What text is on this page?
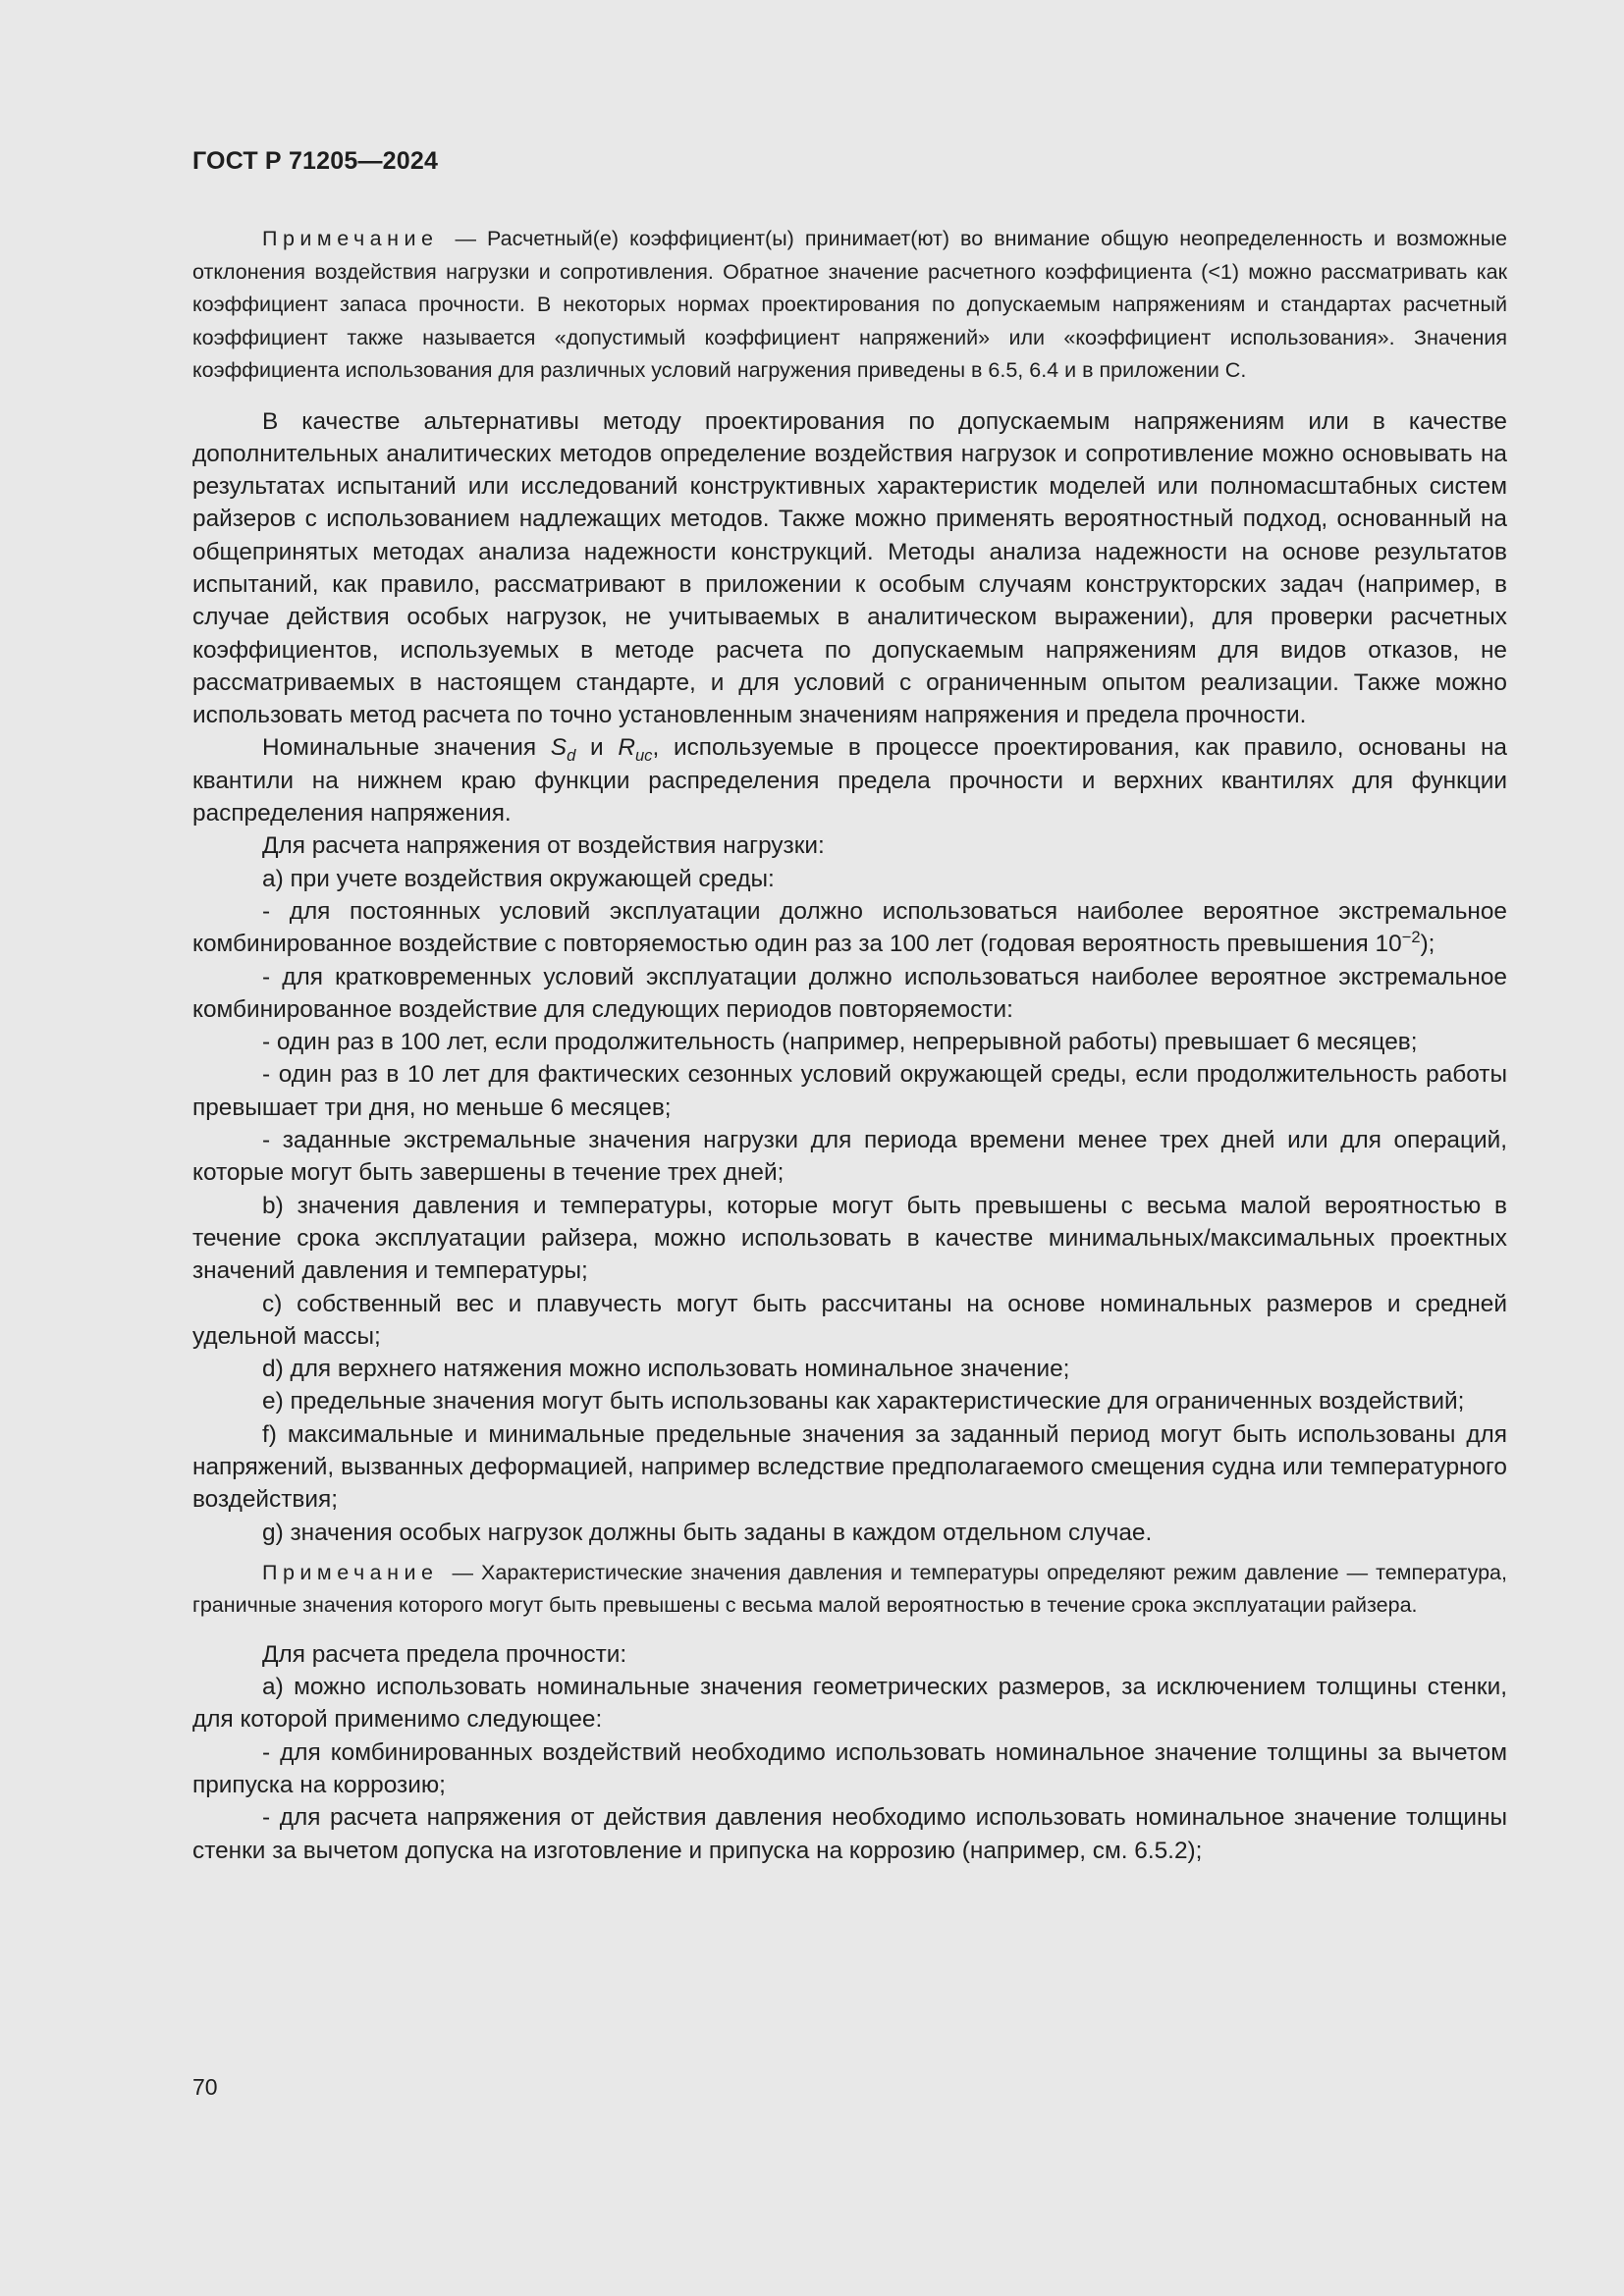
ГОСТ Р 71205—2024

Примечание — Расчетный(е) коэффициент(ы) принимает(ют) во внимание общую неопределенность и возможные отклонения воздействия нагрузки и сопротивления. Обратное значение расчетного коэффициента (<1) можно рассматривать как коэффициент запаса прочности. В некоторых нормах проектирования по допускаемым напряжениям и стандартах расчетный коэффициент также называется «допустимый коэффициент напряжений» или «коэффициент использования». Значения коэффициента использования для различных условий нагружения приведены в 6.5, 6.4 и в приложении C.

В качестве альтернативы методу проектирования по допускаемым напряжениям или в качестве дополнительных аналитических методов определение воздействия нагрузок и сопротивление можно основывать на результатах испытаний или исследований конструктивных характеристик моделей или полномасштабных систем райзеров с использованием надлежащих методов. Также можно применять вероятностный подход, основанный на общепринятых методах анализа надежности конструкций. Методы анализа надежности на основе результатов испытаний, как правило, рассматривают в приложении к особым случаям конструкторских задач (например, в случае действия особых нагрузок, не учитываемых в аналитическом выражении), для проверки расчетных коэффициентов, используемых в методе расчета по допускаемым напряжениям для видов отказов, не рассматриваемых в настоящем стандарте, и для условий с ограниченным опытом реализации. Также можно использовать метод расчета по точно установленным значениям напряжения и предела прочности.

Номинальные значения $S_d$ и $R_{uc}$, используемые в процессе проектирования, как правило, основаны на квантили на нижнем краю функции распределения предела прочности и верхних квантилях для функции распределения напряжения.

Для расчета напряжения от воздействия нагрузки:

а) при учете воздействия окружающей среды:

- для постоянных условий эксплуатации должно использоваться наиболее вероятное экстремальное комбинированное воздействие с повторяемостью один раз за 100 лет (годовая вероятность превышения $10^{-2}$);

- для кратковременных условий эксплуатации должно использоваться наиболее вероятное экстремальное комбинированное воздействие для следующих периодов повторяемости:

- один раз в 100 лет, если продолжительность (например, непрерывной работы) превышает 6 месяцев;

- один раз в 10 лет для фактических сезонных условий окружающей среды, если продолжительность работы превышает три дня, но меньше 6 месяцев;

- заданные экстремальные значения нагрузки для периода времени менее трех дней или для операций, которые могут быть завершены в течение трех дней;

b) значения давления и температуры, которые могут быть превышены с весьма малой вероятностью в течение срока эксплуатации райзера, можно использовать в качестве минимальных/максимальных проектных значений давления и температуры;

c) собственный вес и плавучесть могут быть рассчитаны на основе номинальных размеров и средней удельной массы;

d) для верхнего натяжения можно использовать номинальное значение;

e) предельные значения могут быть использованы как характеристические для ограниченных воздействий;

f) максимальные и минимальные предельные значения за заданный период могут быть использованы для напряжений, вызванных деформацией, например вследствие предполагаемого смещения судна или температурного воздействия;

g) значения особых нагрузок должны быть заданы в каждом отдельном случае.

Примечание — Характеристические значения давления и температуры определяют режим давление — температура, граничные значения которого могут быть превышены с весьма малой вероятностью в течение срока эксплуатации райзера.

Для расчета предела прочности:

а) можно использовать номинальные значения геометрических размеров, за исключением толщины стенки, для которой применимо следующее:

- для комбинированных воздействий необходимо использовать номинальное значение толщины за вычетом припуска на коррозию;

- для расчета напряжения от действия давления необходимо использовать номинальное значение толщины стенки за вычетом допуска на изготовление и припуска на коррозию (например, см. 6.5.2);

70
